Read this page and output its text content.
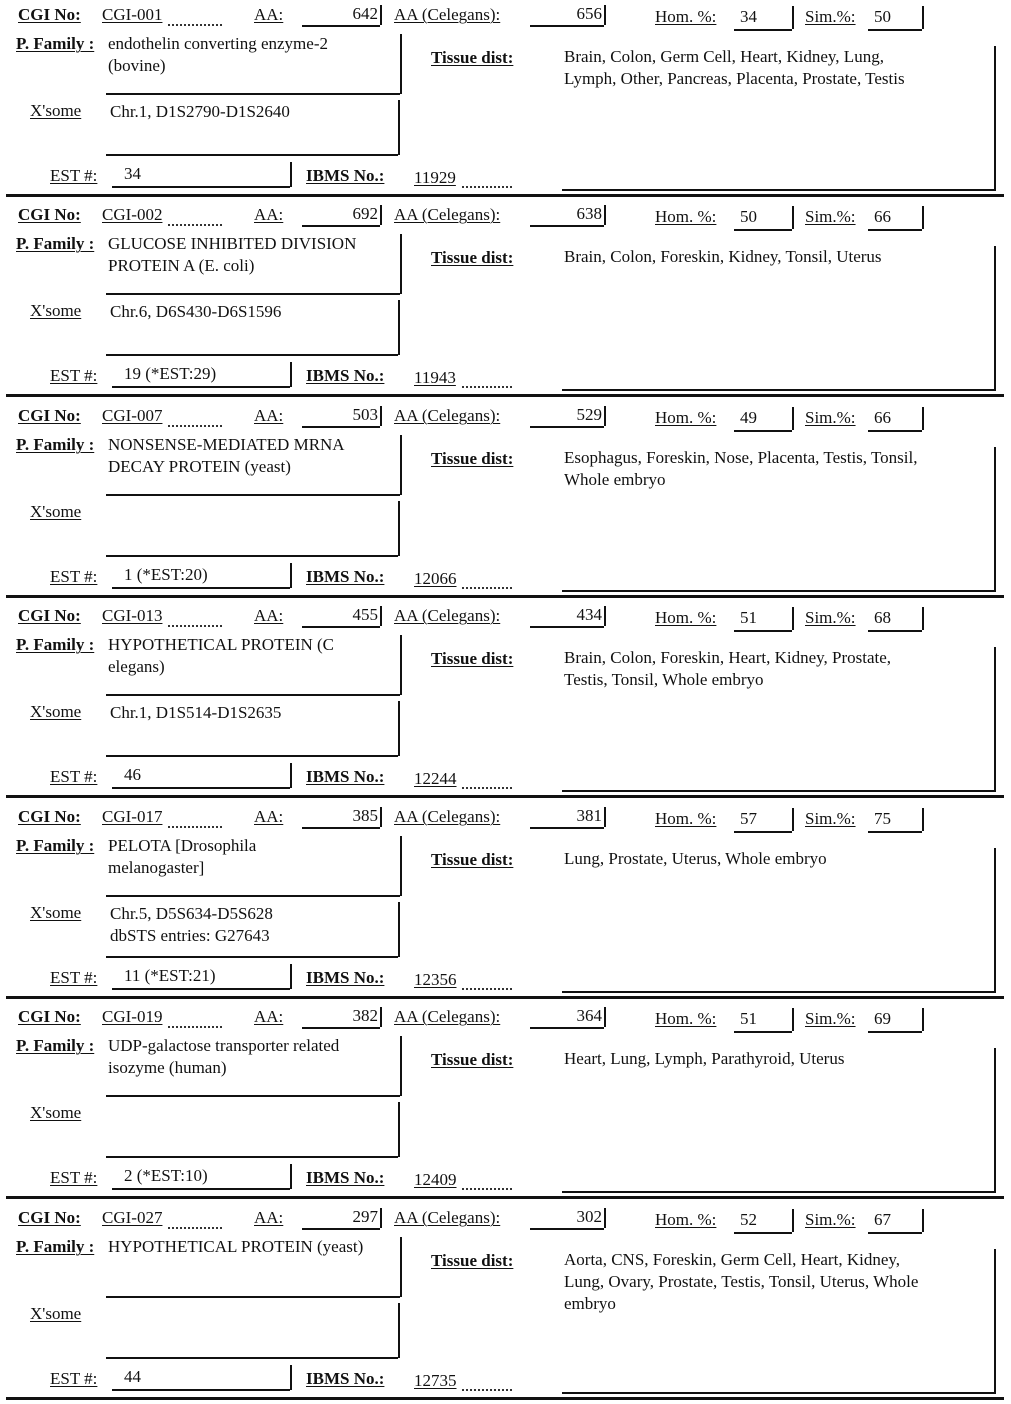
CGI No: CGI-001	AA:	642 AA (Celegans):	656	Hom. %: 34	Sim.%: 50
P. Family : endothelin converting enzyme-2
(bovine)
X'some Chr.1, D1S2790-D1S2640
EST #: 34	IBMS No.: 11929
Tissue dist:	Brain, Colon, Germ Cell, Heart, Kidney, Lung,
Lymph, Other, Pancreas, Placenta, Prostate, Testis
CGI No: CGI-002	AA:	692 AA (Celegans):	638	Hom. %: 50	Sim.%: 66
P. Family : GLUCOSE INHIBITED DIVISION
PROTEIN A (E. coli)
X'some Chr.6, D6S430-D6S1596
EST #: 19 (*EST:29)	IBMS No.: 11943
Tissue dist:	Brain, Colon, Foreskin, Kidney, Tonsil, Uterus
CGI No: CGI-007	AA:	503 AA (Celegans):	529	Hom. %: 49	Sim.%: 66
P. Family : NONSENSE-MEDIATED MRNA
DECAY PROTEIN (yeast)
X'some
EST #: 1 (*EST:20)	IBMS No.: 12066
Tissue dist:	Esophagus, Foreskin, Nose, Placenta, Testis, Tonsil,
Whole embryo
CGI No: CGI-013	AA:	455 AA (Celegans):	434	Hom. %: 51	Sim.%: 68
P. Family : HYPOTHETICAL PROTEIN (C
elegans)
X'some Chr.1, D1S514-D1S2635
EST #: 46	IBMS No.: 12244
Tissue dist:	Brain, Colon, Foreskin, Heart, Kidney, Prostate,
Testis, Tonsil, Whole embryo
CGI No: CGI-017	AA:	385 AA (Celegans):	381	Hom. %: 57	Sim.%: 75
P. Family : PELOTA [Drosophila
melanogaster]
X'some Chr.5, D5S634-D5S628
dbSTS entries: G27643
EST #: 11 (*EST:21)	IBMS No.: 12356
Tissue dist:	Lung, Prostate, Uterus, Whole embryo
CGI No: CGI-019	AA:	382 AA (Celegans):	364	Hom. %: 51	Sim.%: 69
P. Family : UDP-galactose transporter related
isozyme (human)
X'some
EST #: 2 (*EST:10)	IBMS No.: 12409
Tissue dist:	Heart, Lung, Lymph, Parathyroid, Uterus
CGI No: CGI-027	AA:	297 AA (Celegans):	302	Hom. %: 52	Sim.%: 67
P. Family : HYPOTHETICAL PROTEIN (yeast)
X'some
EST #: 44	IBMS No.: 12735
Tissue dist:	Aorta, CNS, Foreskin, Germ Cell, Heart, Kidney,
Lung, Ovary, Prostate, Testis, Tonsil, Uterus, Whole
embryo
